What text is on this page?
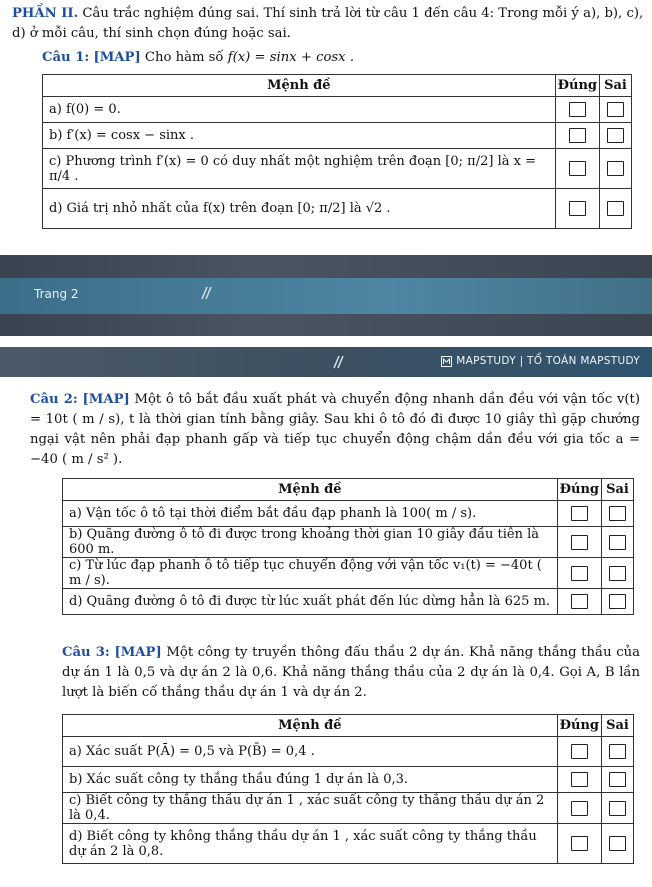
PHẦN II. Câu trắc nghiệm đúng sai. Thí sinh trả lời từ câu 1 đến câu 4: Trong mỗi ý a), b), c), d) ở mỗi câu, thí sinh chọn đúng hoặc sai.
Câu 1: [MAP] Cho hàm số f(x) = sinx + cosx .
Mệnh đề	Đúng	Sai
a) f(0) = 0.		
b) f′(x) = cosx − sinx .		
c) Phương trình f′(x) = 0 có duy nhất một nghiệm trên đoạn [0; π/2] là x = π/4 .		
d) Giá trị nhỏ nhất của f(x) trên đoạn [0; π/2] là √2 .		
Trang 2
MAPSTUDY | TỔ TOÁN MAPSTUDY
Câu 2: [MAP] Một ô tô bắt đầu xuất phát và chuyển động nhanh dần đều với vận tốc v(t) = 10t ( m / s), t là thời gian tính bằng giây. Sau khi ô tô đó đi được 10 giây thì gặp chướng ngại vật nên phải đạp phanh gấp và tiếp tục chuyển động chậm dần đều với gia tốc a = −40 ( m / s² ).
Mệnh đề	Đúng	Sai
a) Vận tốc ô tô tại thời điểm bắt đầu đạp phanh là 100( m / s).		
b) Quãng đường ô tô đi được trong khoảng thời gian 10 giây đầu tiên là 600 m.		
c) Từ lúc đạp phanh ô tô tiếp tục chuyển động với vận tốc v₁(t) = −40t ( m / s).		
d) Quãng đường ô tô đi được từ lúc xuất phát đến lúc dừng hẳn là 625 m.		
Câu 3: [MAP] Một công ty truyền thông đấu thầu 2 dự án. Khả năng thắng thầu của dự án 1 là 0,5 và dự án 2 là 0,6. Khả năng thắng thầu của 2 dự án là 0,4. Gọi A, B lần lượt là biến cố thắng thầu dự án 1 và dự án 2.
Mệnh đề	Đúng	Sai
a) Xác suất P(Ā) = 0,5 và P(B̄) = 0,4 .		
b) Xác suất công ty thắng thầu đúng 1 dự án là 0,3.		
c) Biết công ty thắng thầu dự án 1 , xác suất công ty thắng thầu dự án 2 là 0,4.		
d) Biết công ty không thắng thầu dự án 1 , xác suất công ty thắng thầu dự án 2 là 0,8.		
